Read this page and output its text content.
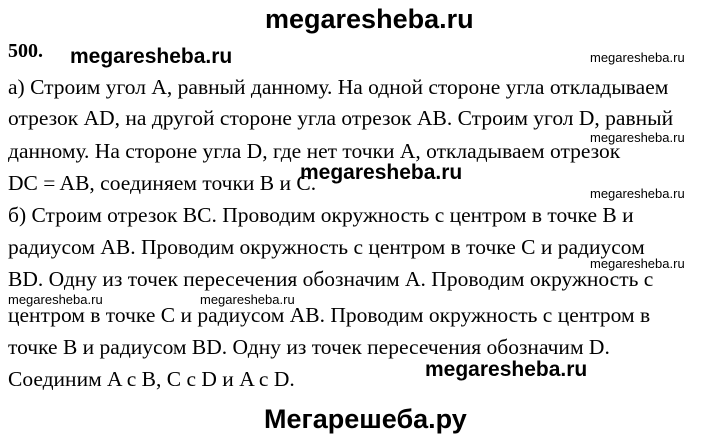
megaresheba.ru
500. megaresheba.ru	megaresheba.ru
а) Строим угол А, равный данному. На одной стороне угла откладываем
отрезок AD, на другой стороне угла отрезок AB. Строим угол D, равный
megaresheba.ru
данному. На стороне угла D, где нет точки A, откладываем отрезок
DC = AB, соединяем точки B и C.
megaresheba.ru
megaresheba.ru
б) Строим отрезок BC. Проводим окружность с центром в точке B и
радиусом AB. Проводим окружность с центром в точке C и радиусом
megaresheba.ru
BD. Одну из точек пересечения обозначим A. Проводим окружность с
megaresheba.ru	megaresheba.ru
центром в точке C и радиусом AB. Проводим окружность с центром в
точке B и радиусом BD. Одну из точек пересечения обозначим D.
Соединим A с B, C с D и A с D.	megaresheba.ru
Мегарешеба.ру
